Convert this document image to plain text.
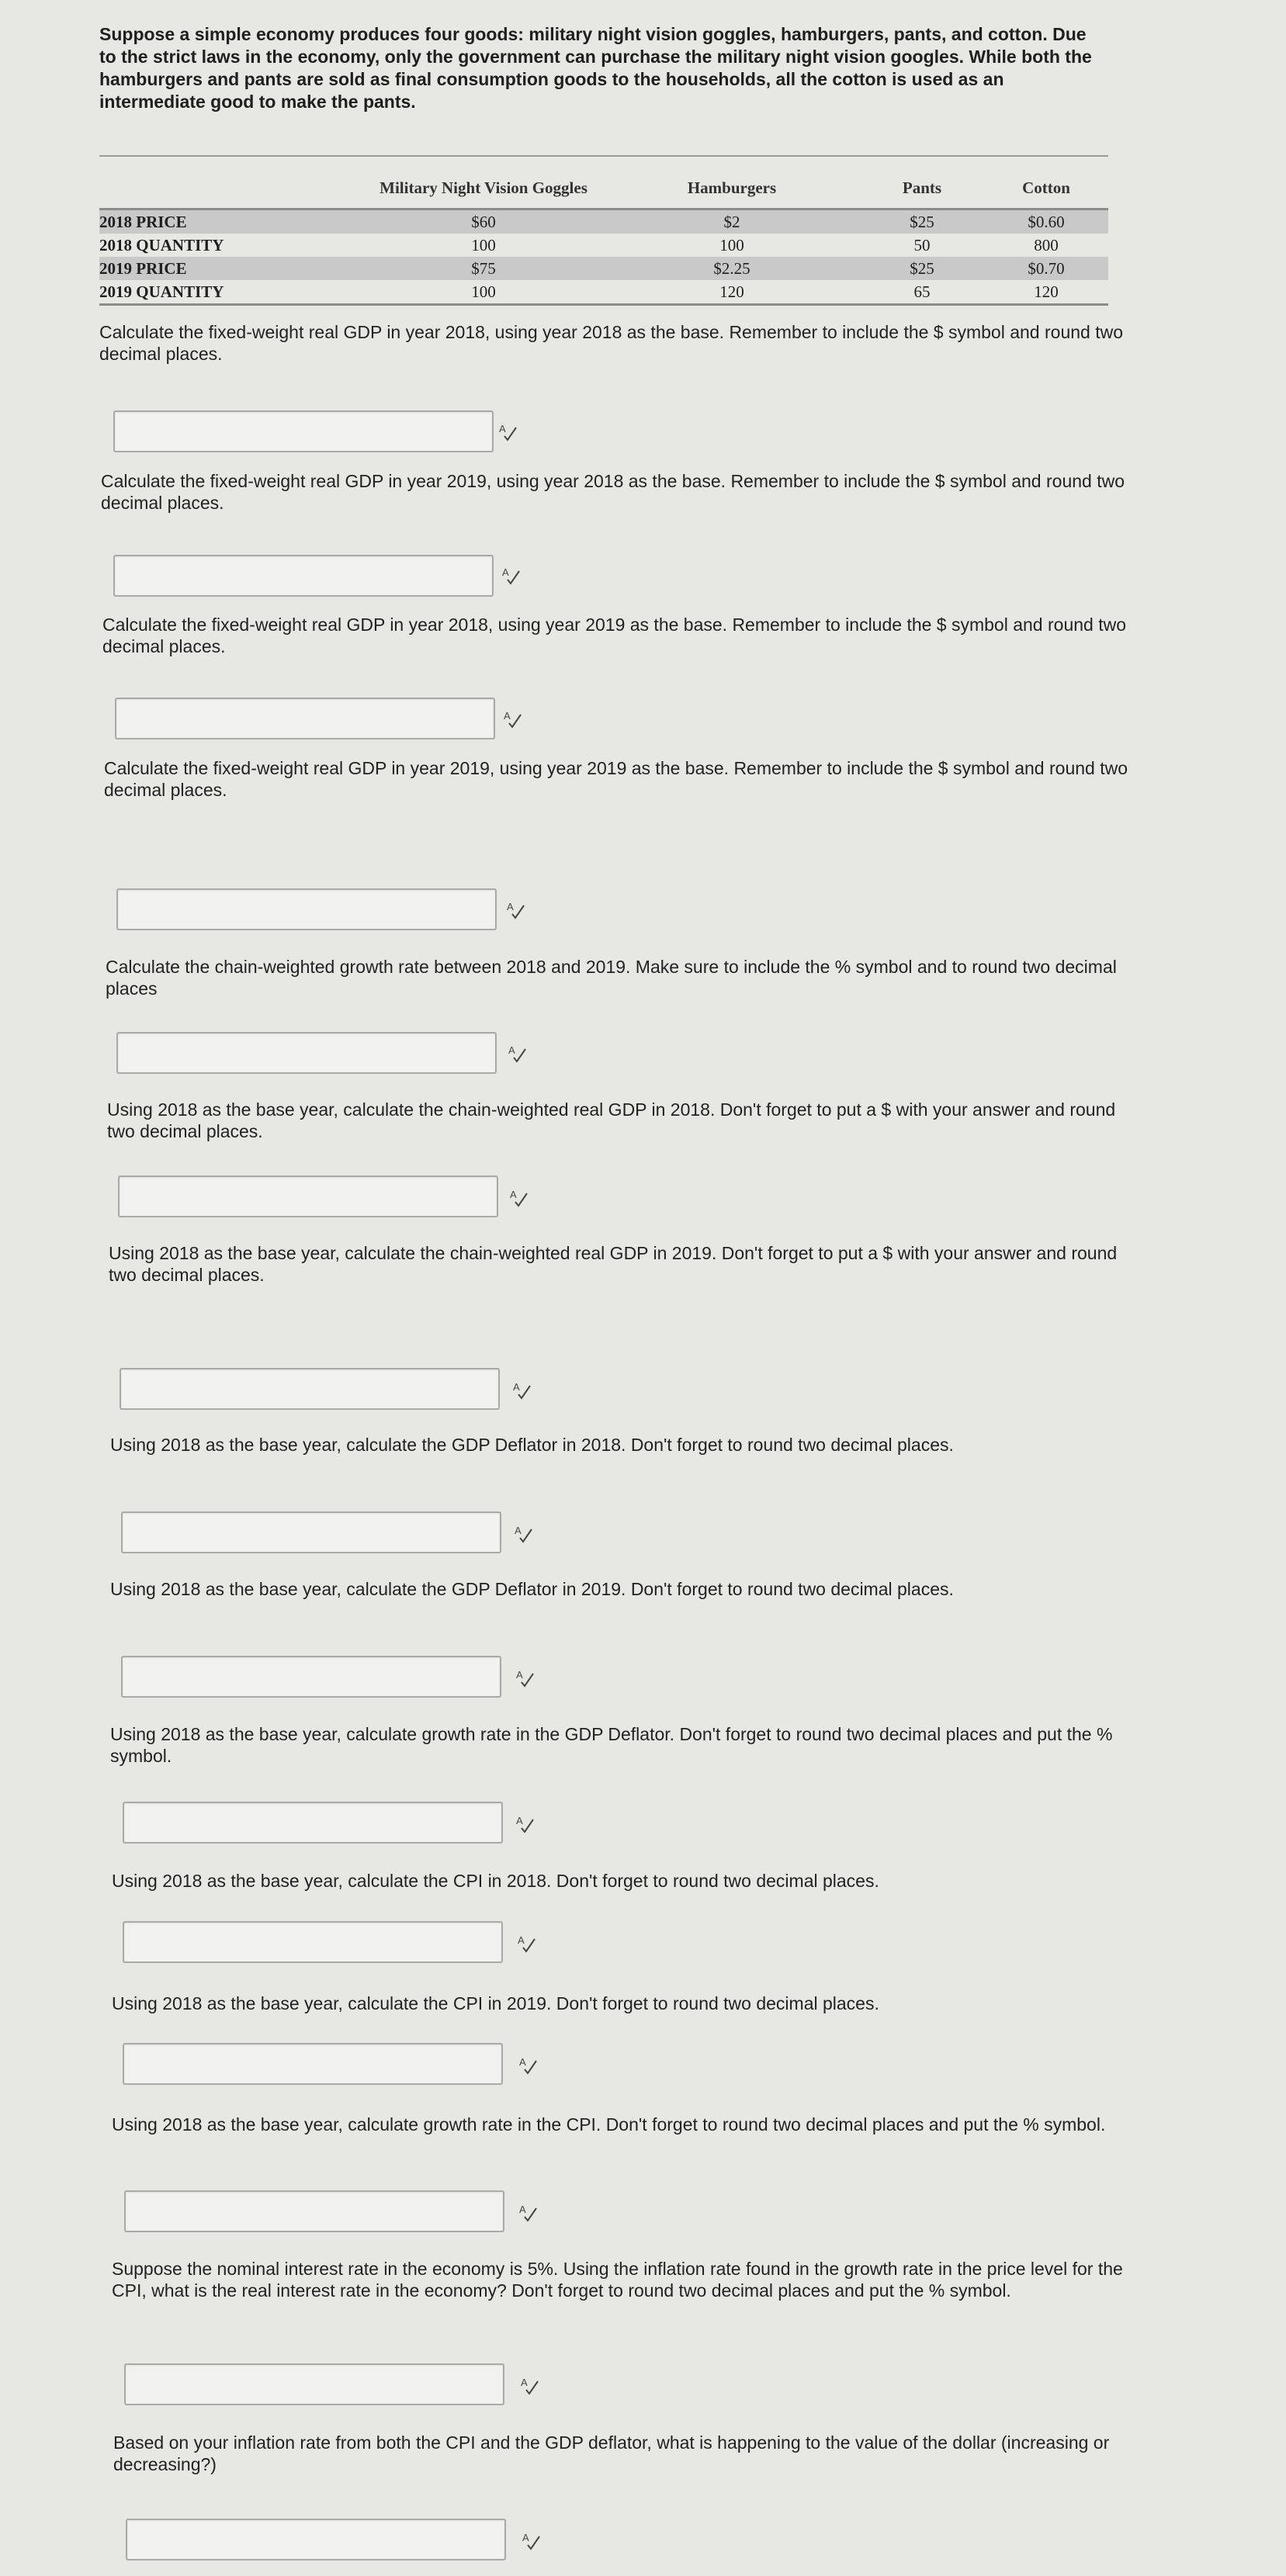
Suppose a simple economy produces four goods: military night vision goggles, hamburgers, pants, and cotton. Due to the strict laws in the economy, only the government can purchase the military night vision googles. While both the hamburgers and pants are sold as final consumption goods to the households, all the cotton is used as an intermediate good to make the pants.
	Military Night Vision Goggles	Hamburgers	Pants	Cotton
2018 PRICE	$60	$2	$25	$0.60
2018 QUANTITY	100	100	50	800
2019 PRICE	$75	$2.25	$25	$0.70
2019 QUANTITY	100	120	65	120
Calculate the fixed-weight real GDP in year 2018, using year 2018 as the base. Remember to include the $ symbol and round two decimal places.
A
Calculate the fixed-weight real GDP in year 2019, using year 2018 as the base. Remember to include the $ symbol and round two decimal places.
A
Calculate the fixed-weight real GDP in year 2018, using year 2019 as the base. Remember to include the $ symbol and round two decimal places.
A
Calculate the fixed-weight real GDP in year 2019, using year 2019 as the base. Remember to include the $ symbol and round two decimal places.
A
Calculate the chain-weighted growth rate between 2018 and 2019. Make sure to include the % symbol and to round two decimal places
A
Using 2018 as the base year, calculate the chain-weighted real GDP in 2018. Don't forget to put a $ with your answer and round two decimal places.
A
Using 2018 as the base year, calculate the chain-weighted real GDP in 2019. Don't forget to put a $ with your answer and round two decimal places.
A
Using 2018 as the base year, calculate the GDP Deflator in 2018. Don't forget to round two decimal places.
A
Using 2018 as the base year, calculate the GDP Deflator in 2019. Don't forget to round two decimal places.
A
Using 2018 as the base year, calculate growth rate in the GDP Deflator. Don't forget to round two decimal places and put the % symbol.
A
Using 2018 as the base year, calculate the CPI in 2018. Don't forget to round two decimal places.
A
Using 2018 as the base year, calculate the CPI in 2019. Don't forget to round two decimal places.
A
Using 2018 as the base year, calculate growth rate in the CPI. Don't forget to round two decimal places and put the % symbol.
A
Suppose the nominal interest rate in the economy is 5%. Using the inflation rate found in the growth rate in the price level for the CPI, what is the real interest rate in the economy? Don't forget to round two decimal places and put the % symbol.
A
Based on your inflation rate from both the CPI and the GDP deflator, what is happening to the value of the dollar (increasing or decreasing?)
A
